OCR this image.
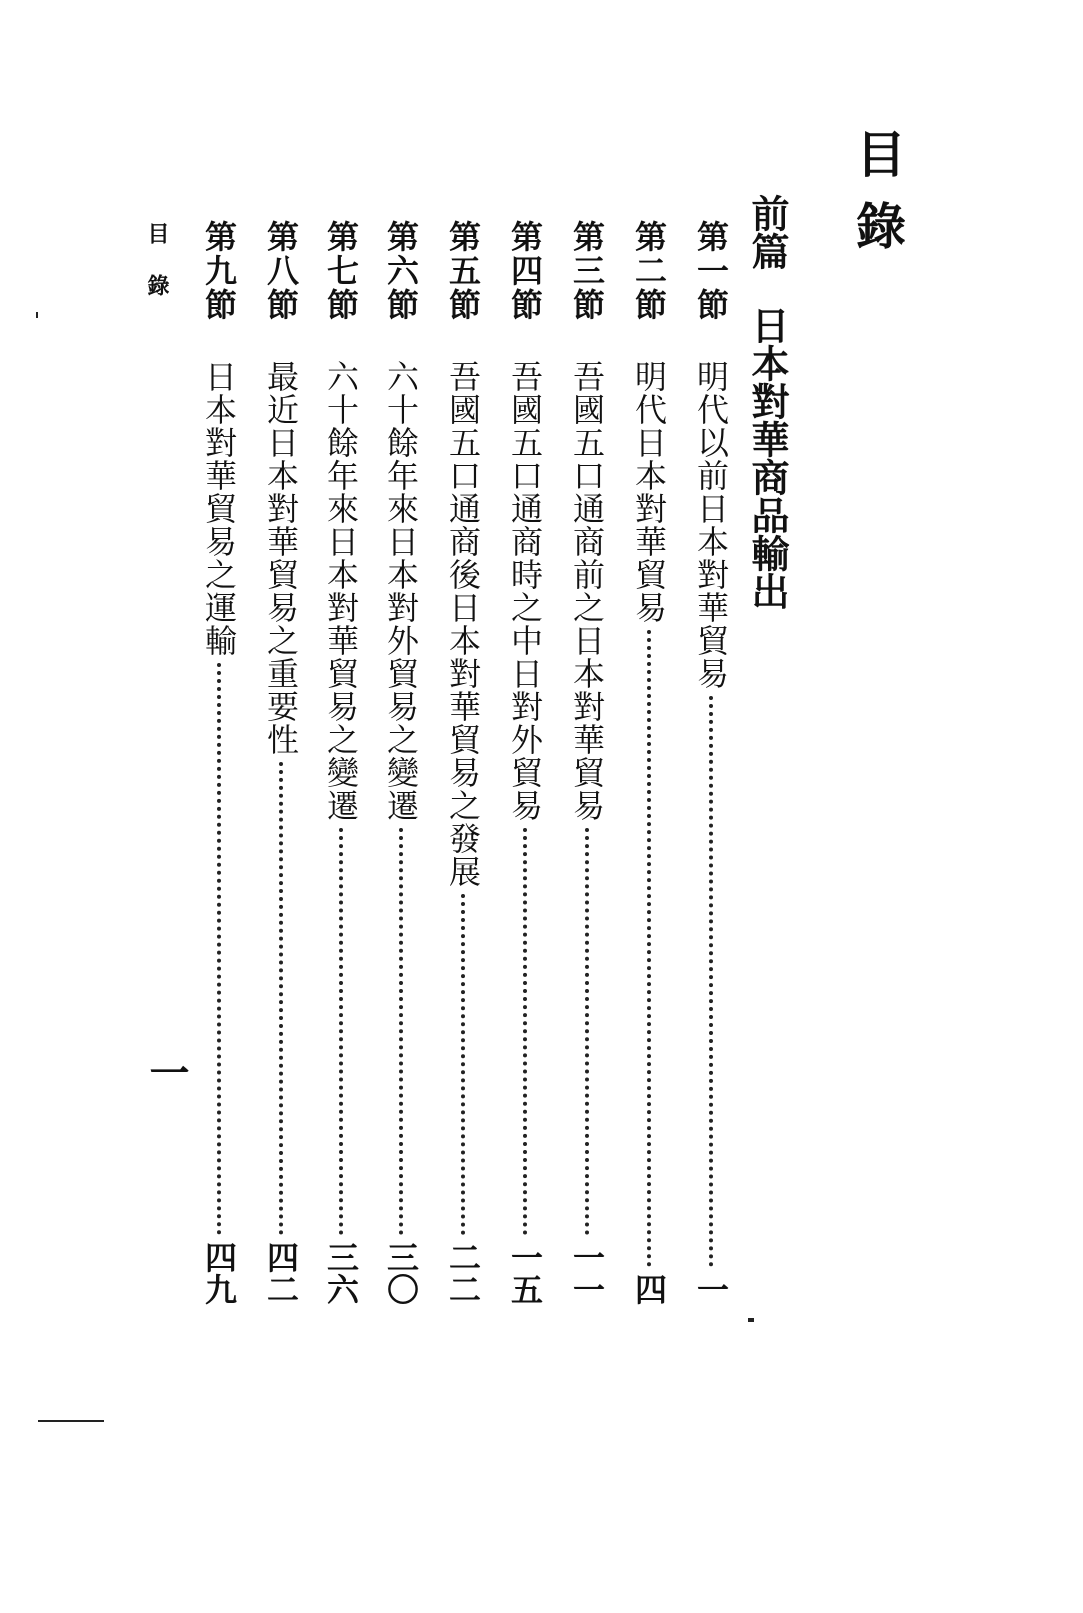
目錄
前篇
日本對華商品輸出
第一節
明代以前日本對華貿易
一
第二節
明代日本對華貿易
四
第三節
吾國五口通商前之日本對華貿易
一一
第四節
吾國五口通商時之中日對外貿易
一五
第五節
吾國五口通商後日本對華貿易之發展
二二
第六節
六十餘年來日本對外貿易之變遷
三〇
第七節
六十餘年來日本對華貿易之變遷
三六
第八節
最近日本對華貿易之重要性
四二
第九節
日本對華貿易之運輸
四九
目錄
一
